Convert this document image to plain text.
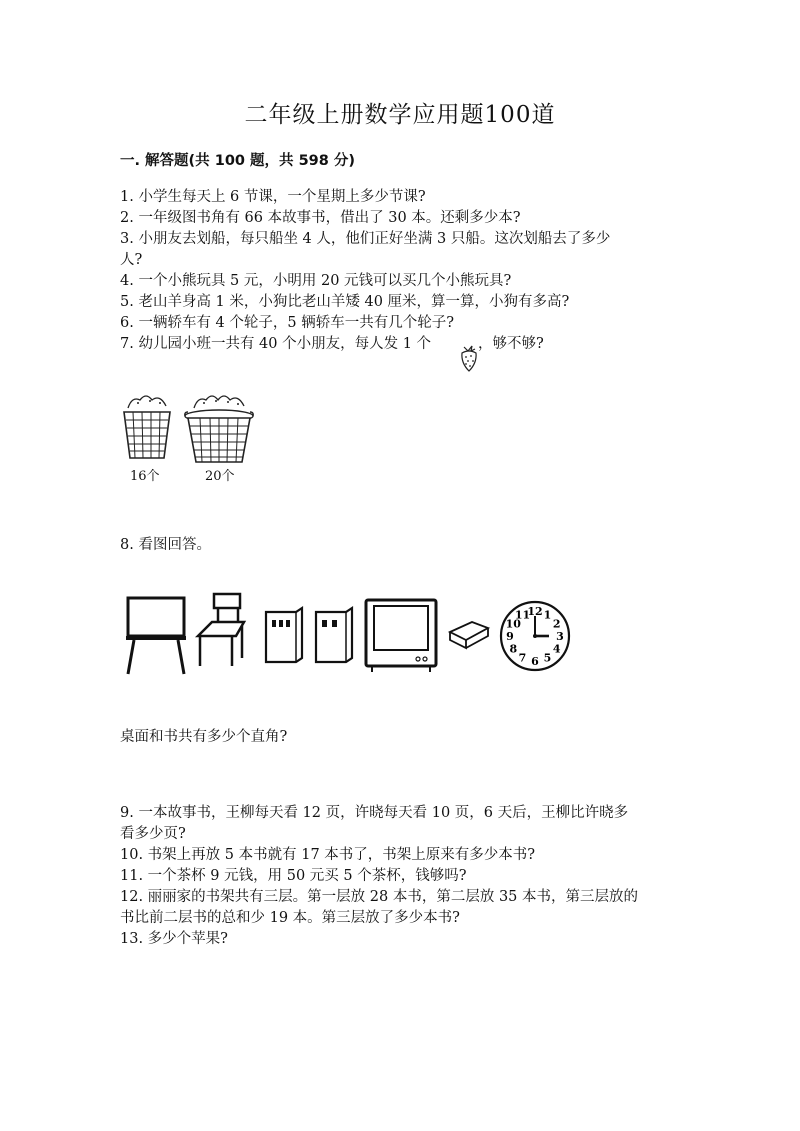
二年级上册数学应用题100道
一. 解答题(共 100 题，共 598 分)
1. 小学生每天上 6 节课，一个星期上多少节课?
2. 一年级图书角有 66 本故事书，借出了 30 本。还剩多少本?
3. 小朋友去划船，每只船坐 4 人，他们正好坐满 3 只船。这次划船去了多少
人?
4. 一个小熊玩具 5 元，小明用 20 元钱可以买几个小熊玩具?
5. 老山羊身高 1 米，小狗比老山羊矮 40 厘米，算一算，小狗有多高?
6. 一辆轿车有 4 个轮子，5 辆轿车一共有几个轮子?
7. 幼儿园小班一共有 40 个小朋友，每人发 1 个	，够不够?
16个	20个
8. 看图回答。
12 1
2
3
4
5
6
7
8
9
10
11
桌面和书共有多少个直角?
9. 一本故事书，王柳每天看 12 页，许晓每天看 10 页，6 天后，王柳比许晓多
看多少页?
10. 书架上再放 5 本书就有 17 本书了，书架上原来有多少本书?
11. 一个茶杯 9 元钱，用 50 元买 5 个茶杯，钱够吗?
12. 丽丽家的书架共有三层。第一层放 28 本书，第二层放 35 本书，第三层放的
书比前二层书的总和少 19 本。第三层放了多少本书?
13. 多少个苹果?
